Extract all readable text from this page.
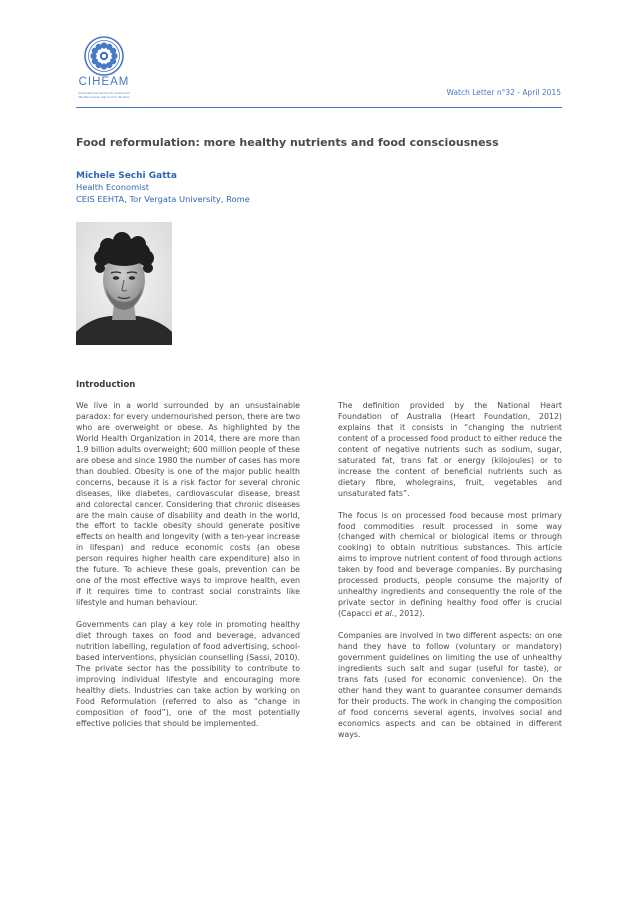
CIHEAM
International Centre for Advanced Mediterranean Agronomic Studies	Watch Letter n°32 - April 2015
Food reformulation: more healthy nutrients and food consciousness
Michele Sechi Gatta
Health Economist
CEIS EEHTA, Tor Vergata University, Rome
Introduction

We live in a world surrounded by an unsustainable paradox: for every undernourished person, there are two who are overweight or obese. As highlighted by the World Health Organization in 2014, there are more than 1.9 billion adults overweight; 600 million people of these are obese and since 1980 the number of cases has more than doubled. Obesity is one of the major public health concerns, because it is a risk factor for several chronic diseases, like diabetes, cardiovascular disease, breast and colorectal cancer. Considering that chronic diseases are the main cause of disability and death in the world, the effort to tackle obesity should generate positive effects on health and longevity (with a ten-year increase in lifespan) and reduce economic costs (an obese person requires higher health care expenditure) also in the future. To achieve these goals, prevention can be one of the most effective ways to improve health, even if it requires time to contrast social constraints like lifestyle and human behaviour.

Governments can play a key role in promoting healthy diet through taxes on food and beverage, advanced nutrition labelling, regulation of food advertising, school-based interventions, physician counselling (Sassi, 2010). The private sector has the possibility to contribute to improving individual lifestyle and encouraging more healthy diets. Industries can take action by working on Food Reformulation (referred to also as “change in composition of food”), one of the most potentially effective policies that should be implemented.

The definition provided by the National Heart Foundation of Australia (Heart Foundation, 2012) explains that it consists in “changing the nutrient content of a processed food product to either reduce the content of negative nutrients such as sodium, sugar, saturated fat, trans fat or energy (kilojoules) or to increase the content of beneficial nutrients such as dietary fibre, wholegrains, fruit, vegetables and unsaturated fats”.

The focus is on processed food because most primary food commodities result processed in some way (changed with chemical or biological items or through cooking) to obtain nutritious substances. This article aims to improve nutrient content of food through actions taken by food and beverage companies. By purchasing processed products, people consume the majority of unhealthy ingredients and consequently the role of the private sector in defining healthy food offer is crucial (Capacci et al., 2012).

Companies are involved in two different aspects: on one hand they have to follow (voluntary or mandatory) government guidelines on limiting the use of unhealthy ingredients such salt and sugar (useful for taste), or trans fats (used for economic convenience). On the other hand they want to guarantee consumer demands for their products. The work in changing the composition of food concerns several agents, involves social and economics aspects and can be obtained in different ways.
